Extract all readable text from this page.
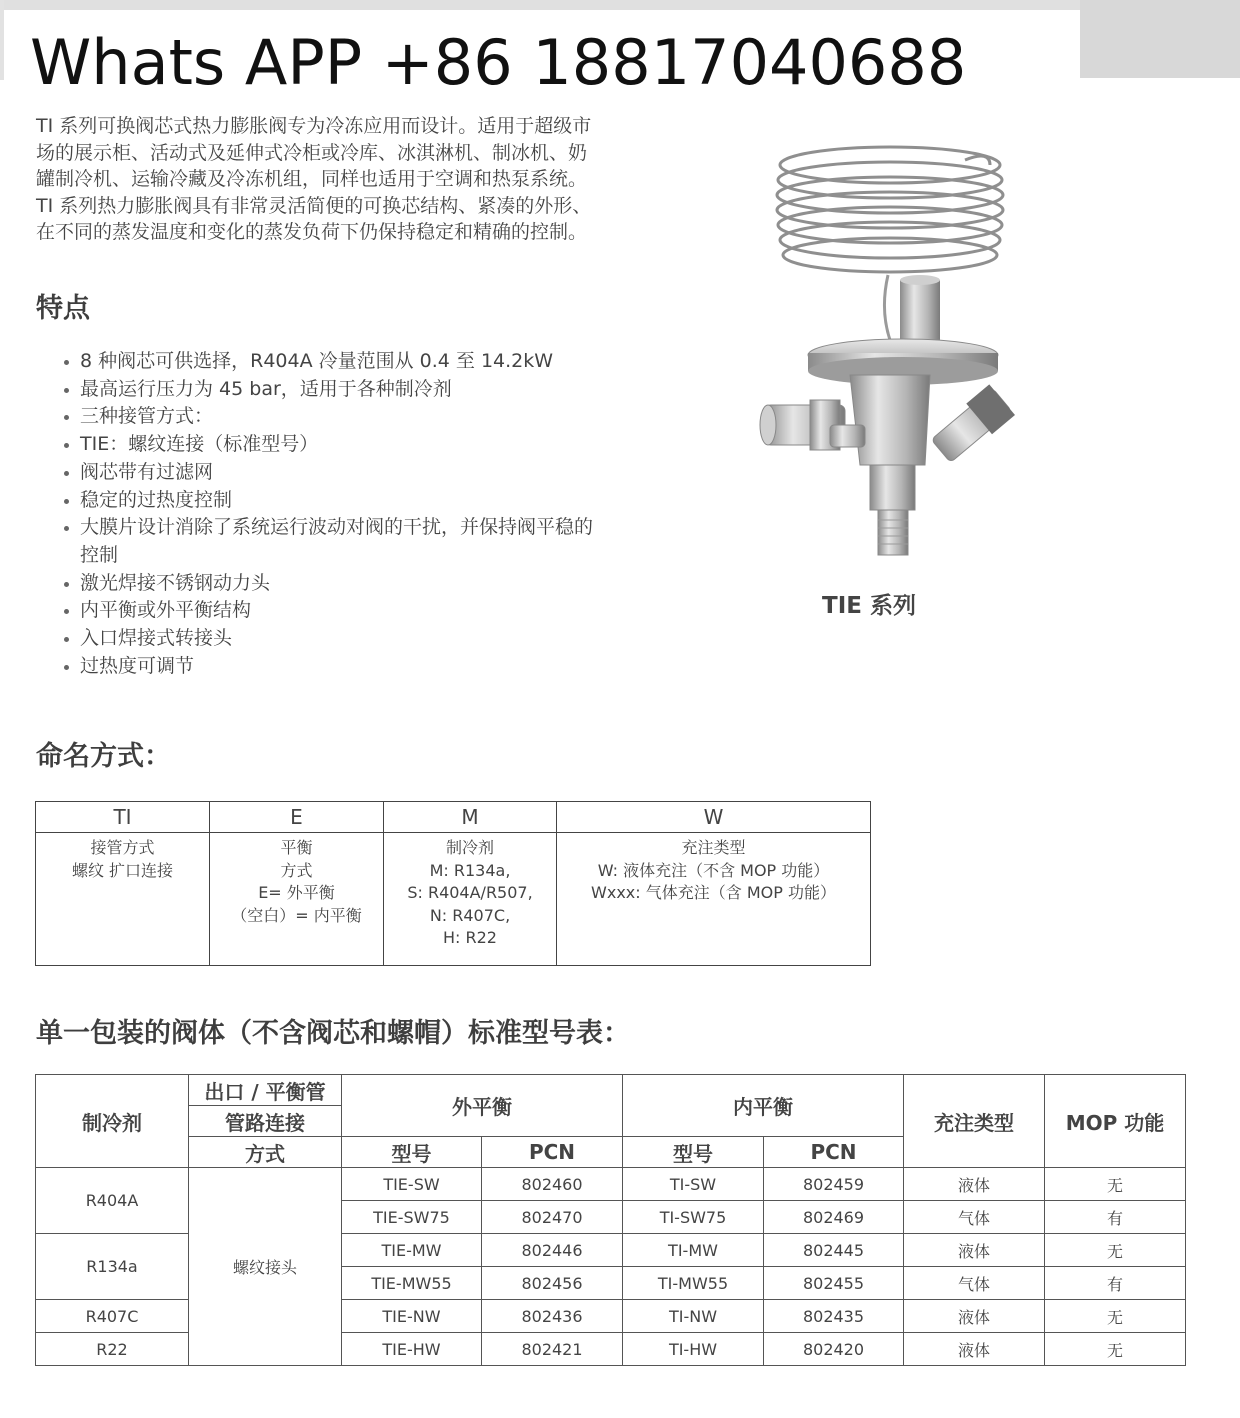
Whats APP +86 18817040688
TI 系列可换阀芯式热力膨胀阀专为冷冻应用而设计。适用于超级市场的展示柜、活动式及延伸式冷柜或冷库、冰淇淋机、制冰机、奶罐制冷机、运输冷藏及冷冻机组，同样也适用于空调和热泵系统。TI 系列热力膨胀阀具有非常灵活简便的可换芯结构、紧凑的外形、在不同的蒸发温度和变化的蒸发负荷下仍保持稳定和精确的控制。
特点
8 种阀芯可供选择，R404A 冷量范围从 0.4 至 14.2kW
最高运行压力为 45 bar，适用于各种制冷剂
三种接管方式：
TIE：螺纹连接（标准型号）
阀芯带有过滤网
稳定的过热度控制
大膜片设计消除了系统运行波动对阀的干扰，并保持阀平稳的控制
激光焊接不锈钢动力头
内平衡或外平衡结构
入口焊接式转接头
过热度可调节
TIE 系列
命名方式：
TI	E	M	W

接管方式
螺纹 扩口连接	平衡
方式
E= 外平衡
（空白）= 内平衡	制冷剂
M: R134a,
S: R404A/R507,
N: R407C,
H: R22	充注类型
W: 液体充注（不含 MOP 功能）
Wxxx: 气体充注（含 MOP 功能）
单一包装的阀体（不含阀芯和螺帽）标准型号表：
制冷剂	出口 / 平衡管	外平衡		内平衡		充注类型	MOP 功能
	管路连接						
	方式	型号	PCN	型号	PCN		
R404A	螺纹接头	TIE-SW	802460	TI-SW	802459	液体	无
		TIE-SW75	802470	TI-SW75	802469	气体	有
R134a		TIE-MW	802446	TI-MW	802445	液体	无
		TIE-MW55	802456	TI-MW55	802455	气体	有
R407C		TIE-NW	802436	TI-NW	802435	液体	无
R22		TIE-HW	802421	TI-HW	802420	液体	无
